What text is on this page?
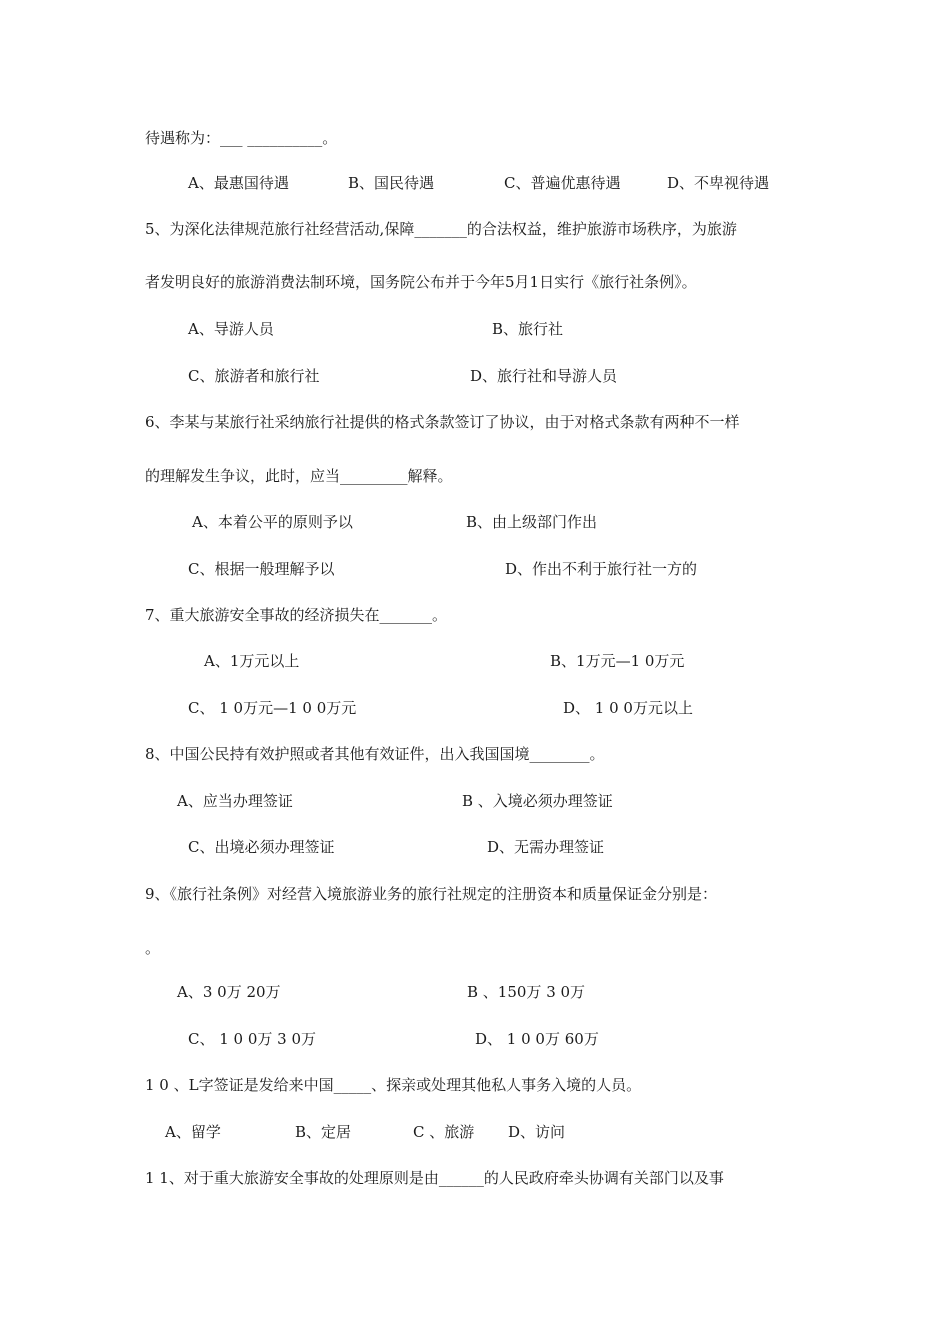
待遇称为：___ __________。
A、最惠国待遇	B、国民待遇	C、普遍优惠待遇	D、不卑视待遇
5、为深化法律规范旅行社经营活动,保障_______的合法权益，维护旅游市场秩序，为旅游
者发明良好的旅游消费法制环境，国务院公布并于今年5月1日实行《旅行社条例》。
A、导游人员	B、旅行社
C、旅游者和旅行社	D、旅行社和导游人员
6、李某与某旅行社采纳旅行社提供的格式条款签订了协议，由于对格式条款有两种不一样
的理解发生争议，此时，应当_________解释。
A、本着公平的原则予以	B、由上级部门作出
C、根据一般理解予以	D、作出不利于旅行社一方的
7、重大旅游安全事故的经济损失在_______。
A、1万元以上	B、1万元—1 0万元
C、 1 0万元—1 0 0万元	D、 1 0 0万元以上
8、中国公民持有效护照或者其他有效证件，出入我国国境________。
A、应当办理签证	B 、入境必须办理签证
C、出境必须办理签证	D、无需办理签证
9、《旅行社条例》对经营入境旅游业务的旅行社规定的注册资本和质量保证金分别是：
。
A、3 0万 20万	B 、150万 3 0万
C、 1 0 0万 3 0万	D、 1 0 0万 60万
1 0 、L字签证是发给来中国_____、探亲或处理其他私人事务入境的人员。
A、留学	B、定居	C 、旅游 D、访问
1 1、对于重大旅游安全事故的处理原则是由______的人民政府牵头协调有关部门以及事
